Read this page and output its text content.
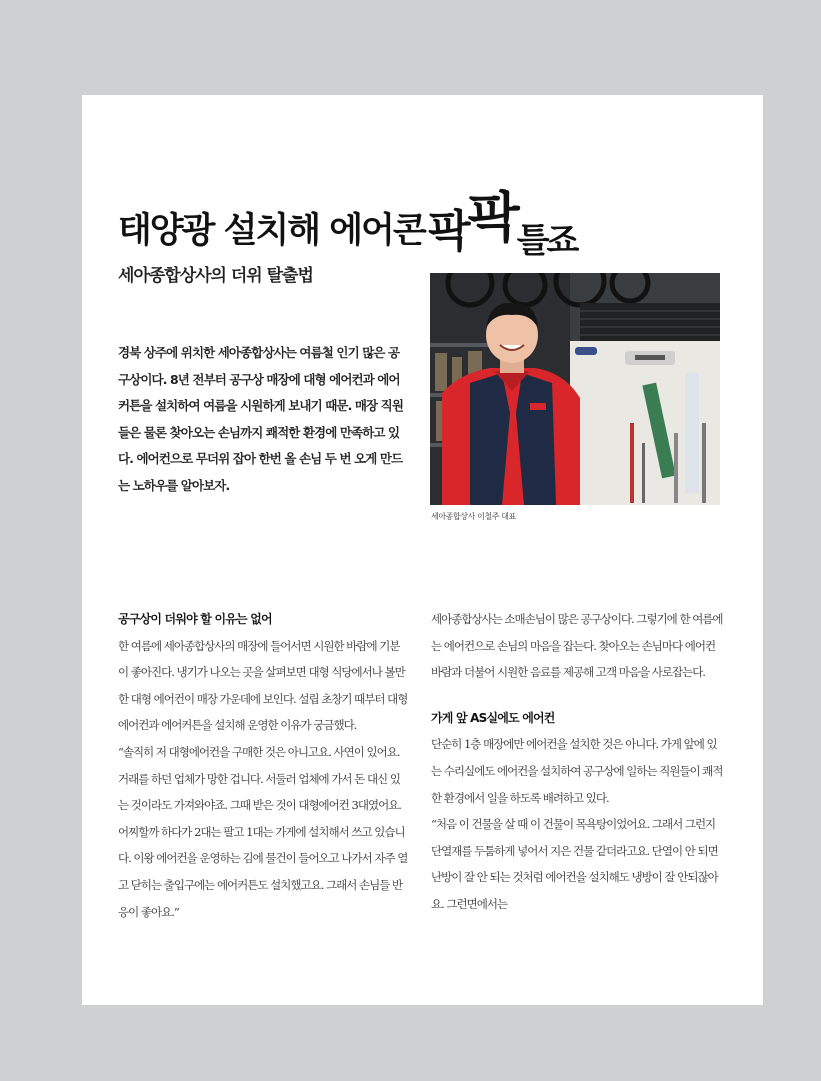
태양광 설치해 에어콘 팍팍틀죠
세아종합상사의 더위 탈출법
경북 상주에 위치한 세아종합상사는 여름철 인기 많은 공구상이다. 8년 전부터 공구상 매장에 대형 에어컨과 에어커튼을 설치하여 여름을 시원하게 보내기 때문. 매장 직원들은 물론 찾아오는 손님까지 쾌적한 환경에 만족하고 있다. 에어컨으로 무더위 잡아 한번 올 손님 두 번 오게 만드는 노하우를 알아보자.
세아종합상사 이철주 대표
공구상이 더워야 할 이유는 없어

한 여름에 세아종합상사의 매장에 들어서면 시원한 바람에 기분이 좋아진다. 냉기가 나오는 곳을 살펴보면 대형 식당에서나 볼만한 대형 에어컨이 매장 가운데에 보인다. 설립 초창기 때부터 대형 에어컨과 에어커튼을 설치해 운영한 이유가 궁금했다.

“솔직히 저 대형에어컨을 구매한 것은 아니고요. 사연이 있어요. 거래를 하던 업체가 망한 겁니다. 서둘러 업체에 가서 돈 대신 있는 것이라도 가져와야죠. 그때 받은 것이 대형에어컨 3대였어요. 어찌할까 하다가 2대는 팔고 1대는 가게에 설치해서 쓰고 있습니다. 이왕 에어컨을 운영하는 김에 물건이 들어오고 나가서 자주 열고 닫히는 출입구에는 에어커튼도 설치했고요. 그래서 손님들 반응이 좋아요.”

세아종합상사는 소매손님이 많은 공구상이다. 그렇기에 한 여름에는 에어컨으로 손님의 마음을 잡는다. 찾아오는 손님마다 에어컨 바람과 더불어 시원한 음료를 제공해 고객 마음을 사로잡는다.

가게 앞 AS실에도 에어컨

단순히 1층 매장에만 에어컨을 설치한 것은 아니다. 가게 앞에 있는 수리실에도 에어컨을 설치하여 공구상에 일하는 직원들이 쾌적한 환경에서 일을 하도록 배려하고 있다.

“처음 이 건물을 살 때 이 건물이 목욕탕이었어요. 그래서 그런지 단열재를 두툼하게 넣어서 지은 건물 같더라고요. 단열이 안 되면 난방이 잘 안 되는 것처럼 에어컨을 설치해도 냉방이 잘 안되잖아요. 그런면에서는
